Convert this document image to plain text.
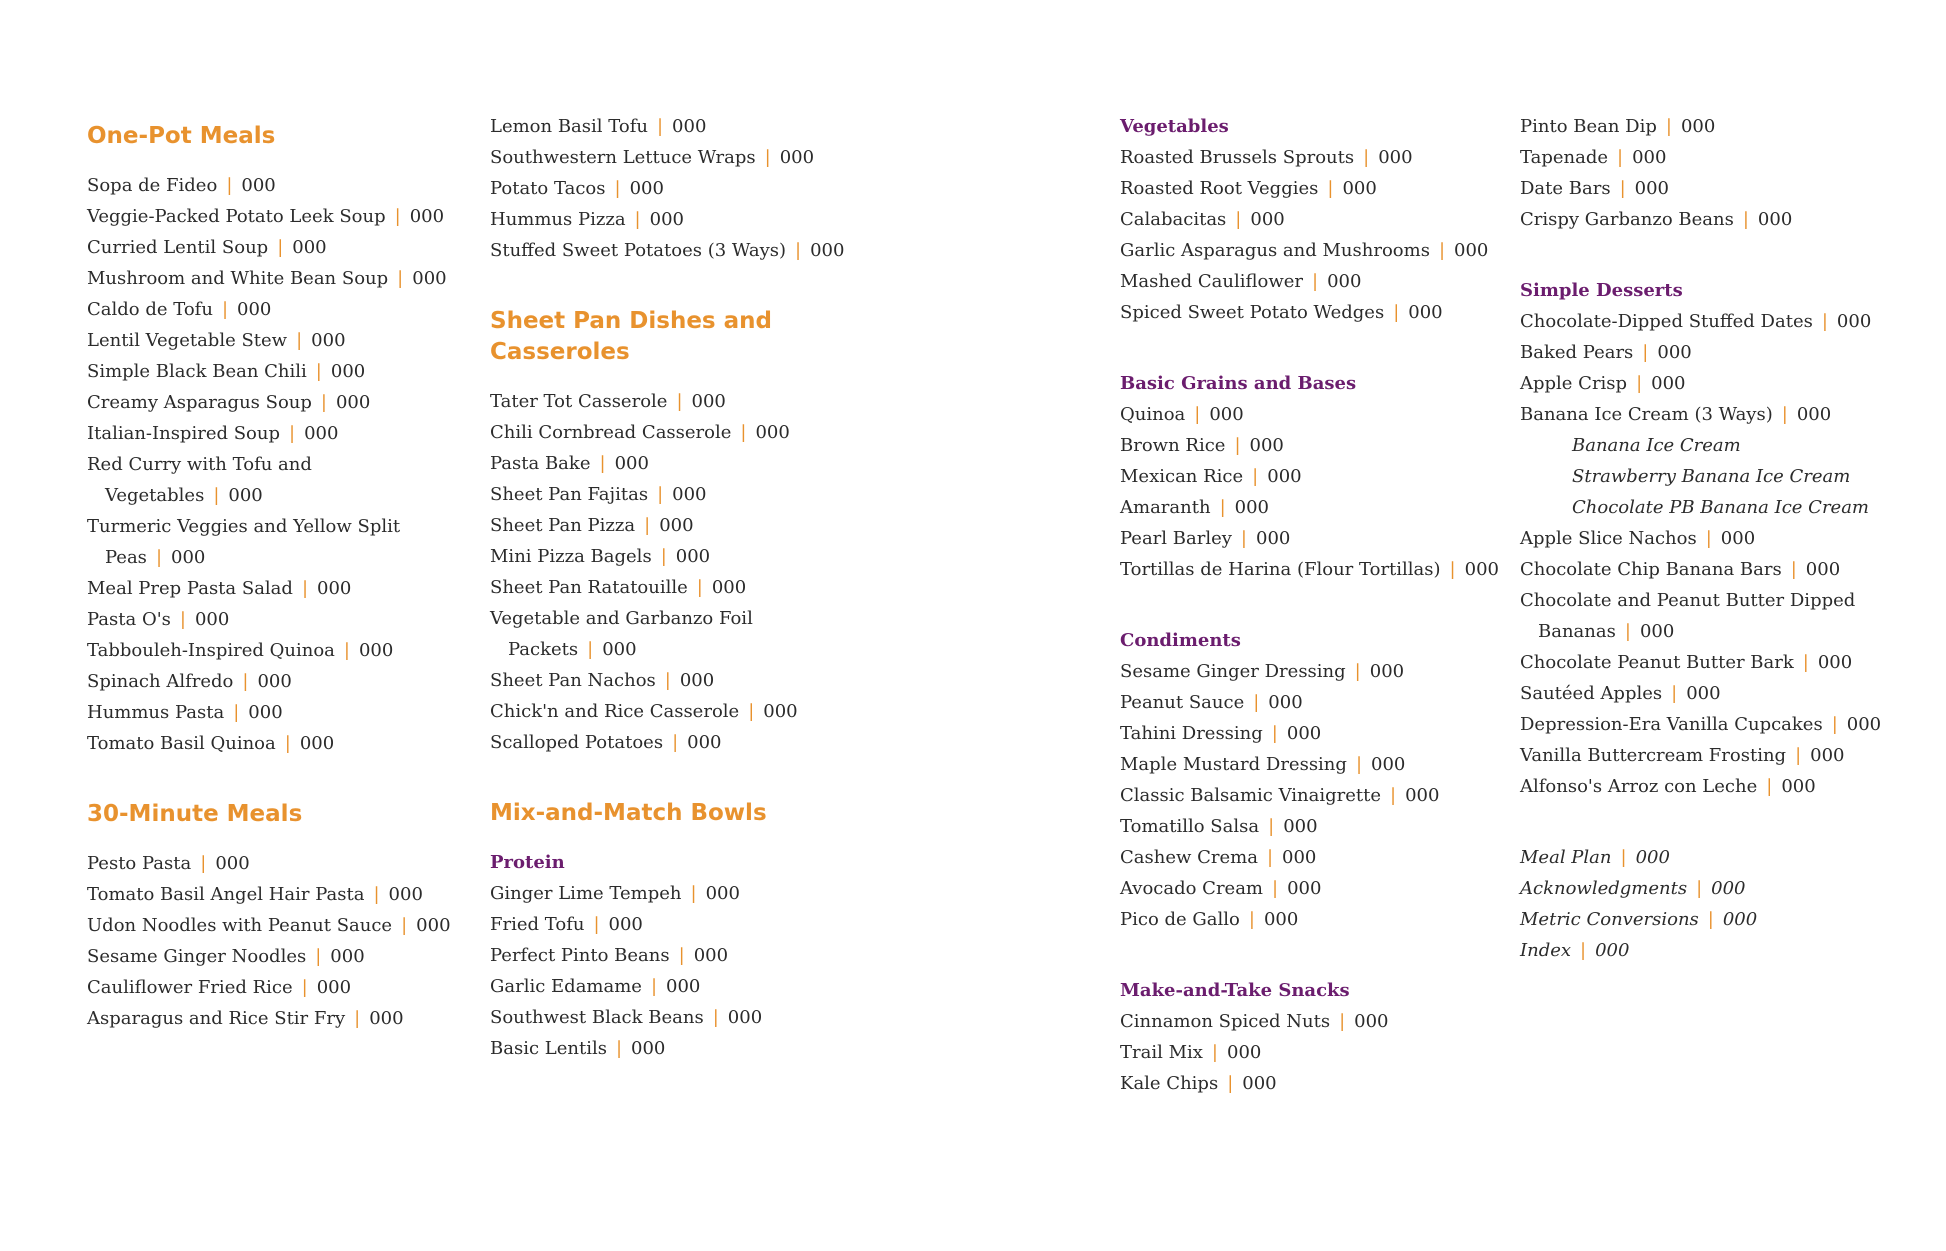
One-Pot Meals
Sopa de Fideo | 000
Veggie-Packed Potato Leek Soup | 000
Curried Lentil Soup | 000
Mushroom and White Bean Soup | 000
Caldo de Tofu | 000
Lentil Vegetable Stew | 000
Simple Black Bean Chili | 000
Creamy Asparagus Soup | 000
Italian-Inspired Soup | 000
Red Curry with Tofu and Vegetables | 000
Turmeric Veggies and Yellow Split Peas | 000
Meal Prep Pasta Salad | 000
Pasta O's | 000
Tabbouleh-Inspired Quinoa | 000
Spinach Alfredo | 000
Hummus Pasta | 000
Tomato Basil Quinoa | 000
30-Minute Meals
Pesto Pasta | 000
Tomato Basil Angel Hair Pasta | 000
Udon Noodles with Peanut Sauce | 000
Sesame Ginger Noodles | 000
Cauliflower Fried Rice | 000
Asparagus and Rice Stir Fry | 000
Lemon Basil Tofu | 000
Southwestern Lettuce Wraps | 000
Potato Tacos | 000
Hummus Pizza | 000
Stuffed Sweet Potatoes (3 Ways) | 000
Sheet Pan Dishes and Casseroles
Tater Tot Casserole | 000
Chili Cornbread Casserole | 000
Pasta Bake | 000
Sheet Pan Fajitas | 000
Sheet Pan Pizza | 000
Mini Pizza Bagels | 000
Sheet Pan Ratatouille | 000
Vegetable and Garbanzo Foil Packets | 000
Sheet Pan Nachos | 000
Chick'n and Rice Casserole | 000
Scalloped Potatoes | 000
Mix-and-Match Bowls
Protein
Ginger Lime Tempeh | 000
Fried Tofu | 000
Perfect Pinto Beans | 000
Garlic Edamame | 000
Southwest Black Beans | 000
Basic Lentils | 000
Vegetables
Roasted Brussels Sprouts | 000
Roasted Root Veggies | 000
Calabacitas | 000
Garlic Asparagus and Mushrooms | 000
Mashed Cauliflower | 000
Spiced Sweet Potato Wedges | 000
Basic Grains and Bases
Quinoa | 000
Brown Rice | 000
Mexican Rice | 000
Amaranth | 000
Pearl Barley | 000
Tortillas de Harina (Flour Tortillas) | 000
Condiments
Sesame Ginger Dressing | 000
Peanut Sauce | 000
Tahini Dressing | 000
Maple Mustard Dressing | 000
Classic Balsamic Vinaigrette | 000
Tomatillo Salsa | 000
Cashew Crema | 000
Avocado Cream | 000
Pico de Gallo | 000
Make-and-Take Snacks
Cinnamon Spiced Nuts | 000
Trail Mix | 000
Kale Chips | 000
Pinto Bean Dip | 000
Tapenade | 000
Date Bars | 000
Crispy Garbanzo Beans | 000
Simple Desserts
Chocolate-Dipped Stuffed Dates | 000
Baked Pears | 000
Apple Crisp | 000
Banana Ice Cream (3 Ways) | 000
Banana Ice Cream
Strawberry Banana Ice Cream
Chocolate PB Banana Ice Cream
Apple Slice Nachos | 000
Chocolate Chip Banana Bars | 000
Chocolate and Peanut Butter Dipped Bananas | 000
Chocolate Peanut Butter Bark | 000
Sautéed Apples | 000
Depression-Era Vanilla Cupcakes | 000
Vanilla Buttercream Frosting | 000
Alfonso's Arroz con Leche | 000
Meal Plan | 000
Acknowledgments | 000
Metric Conversions | 000
Index | 000
